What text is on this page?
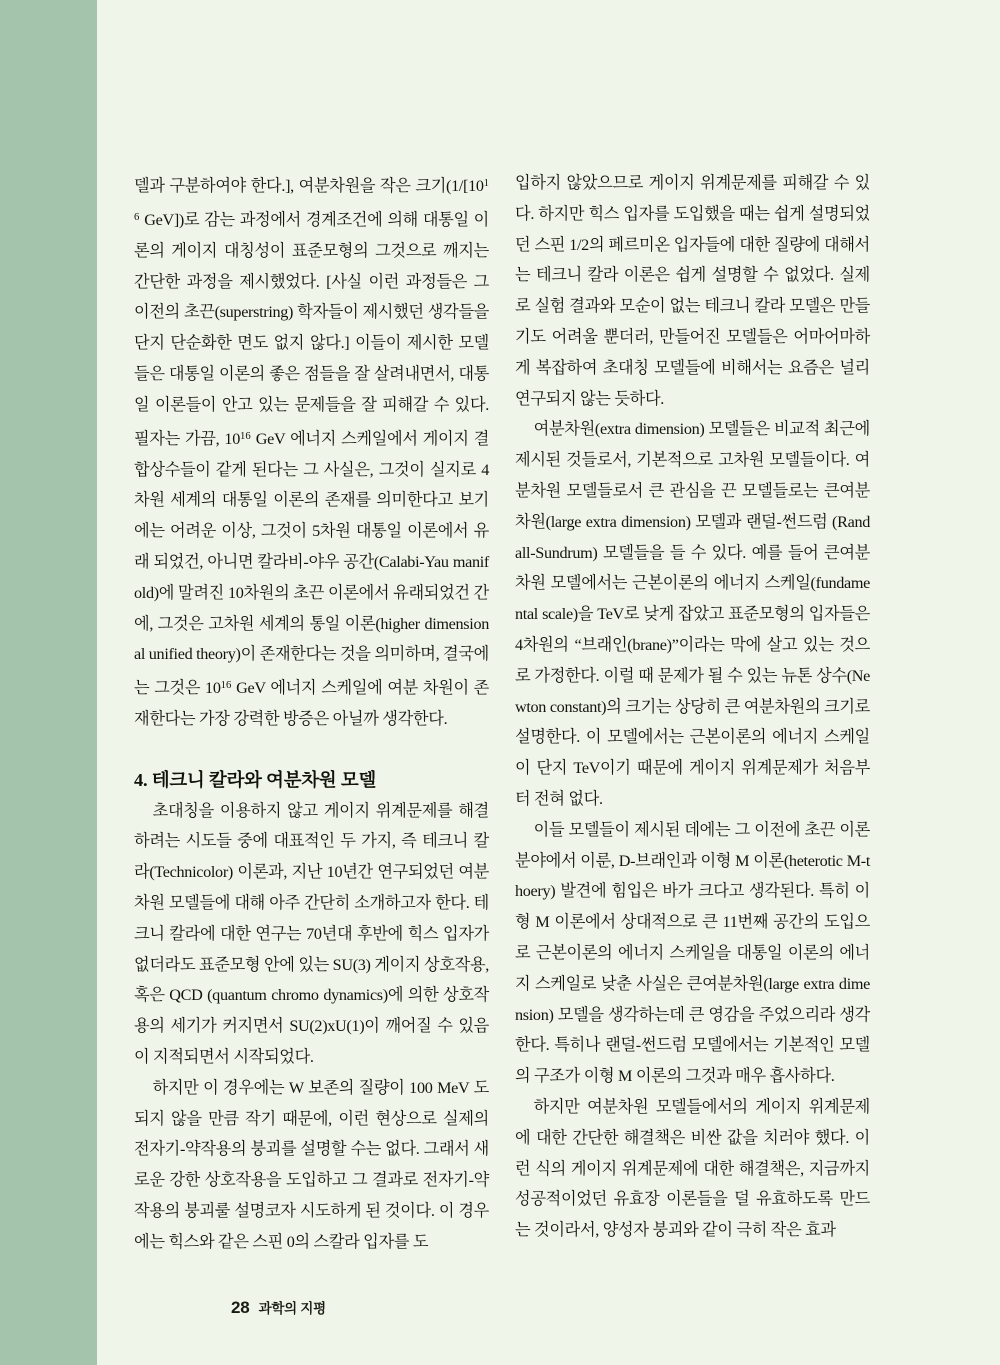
델과 구분하여야 한다.], 여분차원을 작은 크기($1/[10^{16}$ GeV])로 감는 과정에서 경계조건에 의해 대통일 이론의 게이지 대칭성이 표준모형의 그것으로 깨지는 간단한 과정을 제시했었다. [사실 이런 과정들은 그 이전의 초끈(superstring) 학자들이 제시했던 생각들을 단지 단순화한 면도 없지 않다.] 이들이 제시한 모델들은 대통일 이론의 좋은 점들을 잘 살려내면서, 대통일 이론들이 안고 있는 문제들을 잘 피해갈 수 있다. 필자는 가끔, $10^{16}$ GeV 에너지 스케일에서 게이지 결합상수들이 같게 된다는 그 사실은, 그것이 실지로 4차원 세계의 대통일 이론의 존재를 의미한다고 보기에는 어려운 이상, 그것이 5차원 대통일 이론에서 유래 되었건, 아니면 칼라비-야우 공간(Calabi-Yau manifold)에 말려진 10차원의 초끈 이론에서 유래되었건 간에, 그것은 고차원 세계의 통일 이론(higher dimensional unified theory)이 존재한다는 것을 의미하며, 결국에는 그것은 $10^{16}$ GeV 에너지 스케일에 여분 차원이 존재한다는 가장 강력한 방증은 아닐까 생각한다.

4. 테크니 칼라와 여분차원 모델

초대칭을 이용하지 않고 게이지 위계문제를 해결하려는 시도들 중에 대표적인 두 가지, 즉 테크니 칼라(Technicolor) 이론과, 지난 10년간 연구되었던 여분차원 모델들에 대해 아주 간단히 소개하고자 한다. 테크니 칼라에 대한 연구는 70년대 후반에 힉스 입자가 없더라도 표준모형 안에 있는 SU(3) 게이지 상호작용, 혹은 QCD (quantum chromo dynamics)에 의한 상호작용의 세기가 커지면서 SU(2)xU(1)이 깨어질 수 있음이 지적되면서 시작되었다.

하지만 이 경우에는 W 보존의 질량이 100 MeV 도 되지 않을 만큼 작기 때문에, 이런 현상으로 실제의 전자기-약작용의 붕괴를 설명할 수는 없다. 그래서 새로운 강한 상호작용을 도입하고 그 결과로 전자기-약작용의 붕괴룰 설명코자 시도하게 된 것이다. 이 경우에는 힉스와 같은 스핀 0의 스칼라 입자를 도

입하지 않았으므로 게이지 위계문제를 피해갈 수 있다. 하지만 힉스 입자를 도입했을 때는 쉽게 설명되었던 스핀 1/2의 페르미온 입자들에 대한 질량에 대해서는 테크니 칼라 이론은 쉽게 설명할 수 없었다. 실제로 실험 결과와 모순이 없는 테크니 칼라 모델은 만들기도 어려울 뿐더러, 만들어진 모델들은 어마어마하게 복잡하여 초대칭 모델들에 비해서는 요즘은 널리 연구되지 않는 듯하다.

여분차원(extra dimension) 모델들은 비교적 최근에 제시된 것들로서, 기본적으로 고차원 모델들이다. 여분차원 모델들로서 큰 관심을 끈 모델들로는 큰여분차원(large extra dimension) 모델과 랜덜-썬드럼 (Randall-Sundrum) 모델들을 들 수 있다. 예를 들어 큰여분차원 모델에서는 근본이론의 에너지 스케일(fundamental scale)을 TeV로 낮게 잡았고 표준모형의 입자들은 4차원의 “브래인(brane)”이라는 막에 살고 있는 것으로 가정한다. 이럴 때 문제가 될 수 있는 뉴톤 상수(Newton constant)의 크기는 상당히 큰 여분차원의 크기로 설명한다. 이 모델에서는 근본이론의 에너지 스케일이 단지 TeV이기 때문에 게이지 위계문제가 처음부터 전혀 없다.

이들 모델들이 제시된 데에는 그 이전에 초끈 이론 분야에서 이룬, D-브래인과 이형 M 이론(heterotic M-thoery) 발견에 힘입은 바가 크다고 생각된다. 특히 이형 M 이론에서 상대적으로 큰 11번째 공간의 도입으로 근본이론의 에너지 스케일을 대통일 이론의 에너지 스케일로 낮춘 사실은 큰여분차원(large extra dimension) 모델을 생각하는데 큰 영감을 주었으리라 생각한다. 특히나 랜덜-썬드럼 모델에서는 기본적인 모델의 구조가 이형 M 이론의 그것과 매우 흡사하다.

하지만 여분차원 모델들에서의 게이지 위계문제에 대한 간단한 해결책은 비싼 값을 치러야 했다. 이런 식의 게이지 위계문제에 대한 해결책은, 지금까지 성공적이었던 유효장 이론들을 덜 유효하도록 만드는 것이라서, 양성자 붕괴와 같이 극히 작은 효과

28 과학의 지평
